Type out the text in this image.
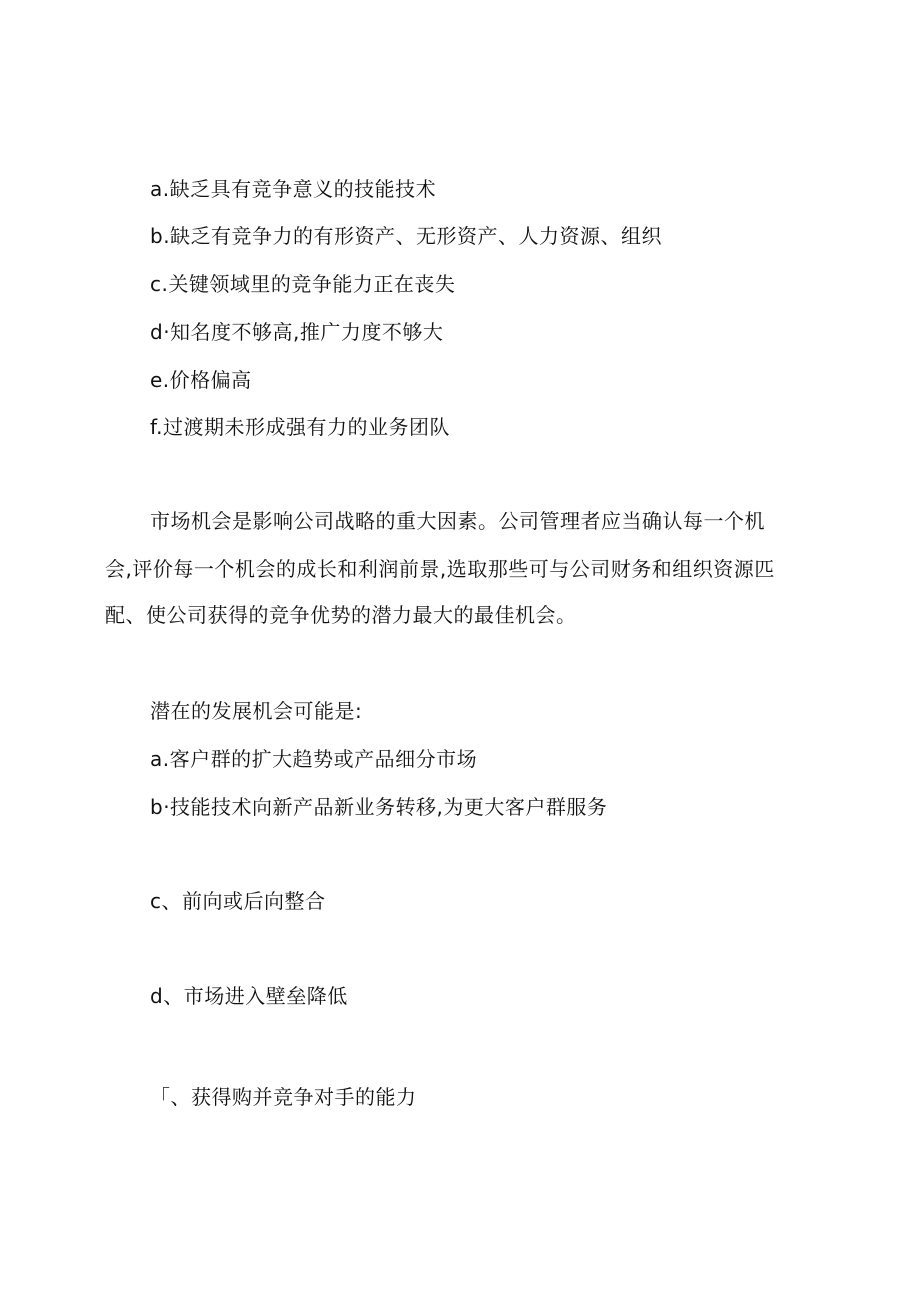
a.缺乏具有竞争意义的技能技术
b.缺乏有竞争力的有形资产、无形资产、人力资源、组织
c.关键领域里的竞争能力正在丧失
d·知名度不够高,推广力度不够大
e.价格偏高
f.过渡期未形成强有力的业务团队
市场机会是影响公司战略的重大因素。公司管理者应当确认每一个机
会,评价每一个机会的成长和利润前景,选取那些可与公司财务和组织资源匹
配、使公司获得的竞争优势的潜力最大的最佳机会。
潜在的发展机会可能是:
a.客户群的扩大趋势或产品细分市场
b·技能技术向新产品新业务转移,为更大客户群服务
c、前向或后向整合
d、市场进入壁垒降低
「、获得购并竞争对手的能力
